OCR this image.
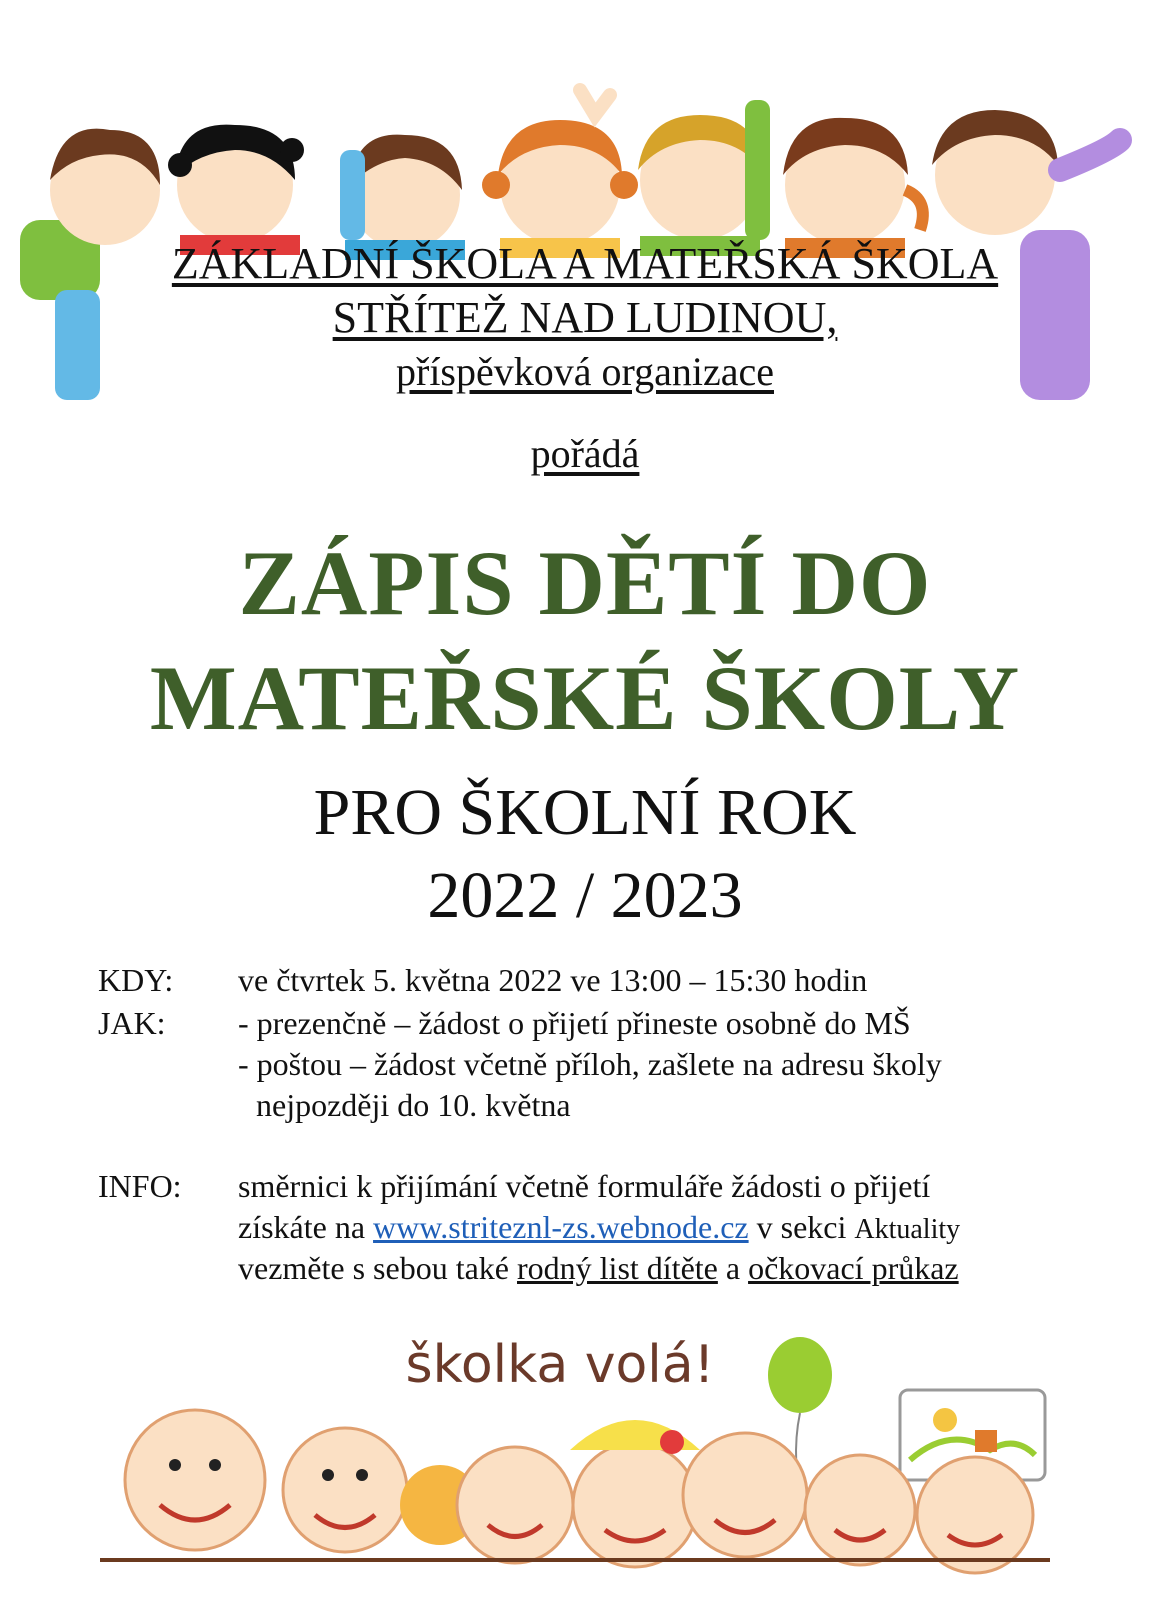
ZÁKLADNÍ ŠKOLA A MATEŘSKÁ ŠKOLA
STŘÍTEŽ NAD LUDINOU,
příspěvková organizace
pořádá
ZÁPIS DĚTÍ DO
MATEŘSKÉ ŠKOLY
PRO ŠKOLNÍ ROK
2022 / 2023
KDY: ve čtvrtek 5. května 2022 ve 13:00 – 15:30 hodin
JAK: - prezenčně – žádost o přijetí přineste osobně do MŠ
- poštou – žádost včetně příloh, zašlete na adresu školy
nejpozději do 10. května
INFO: směrnici k přijímání včetně formuláře žádosti o přijetí
získáte na www.striteznl-zs.webnode.cz v sekci Aktuality
vezměte s sebou také rodný list dítěte a očkovací průkaz
školka volá!
